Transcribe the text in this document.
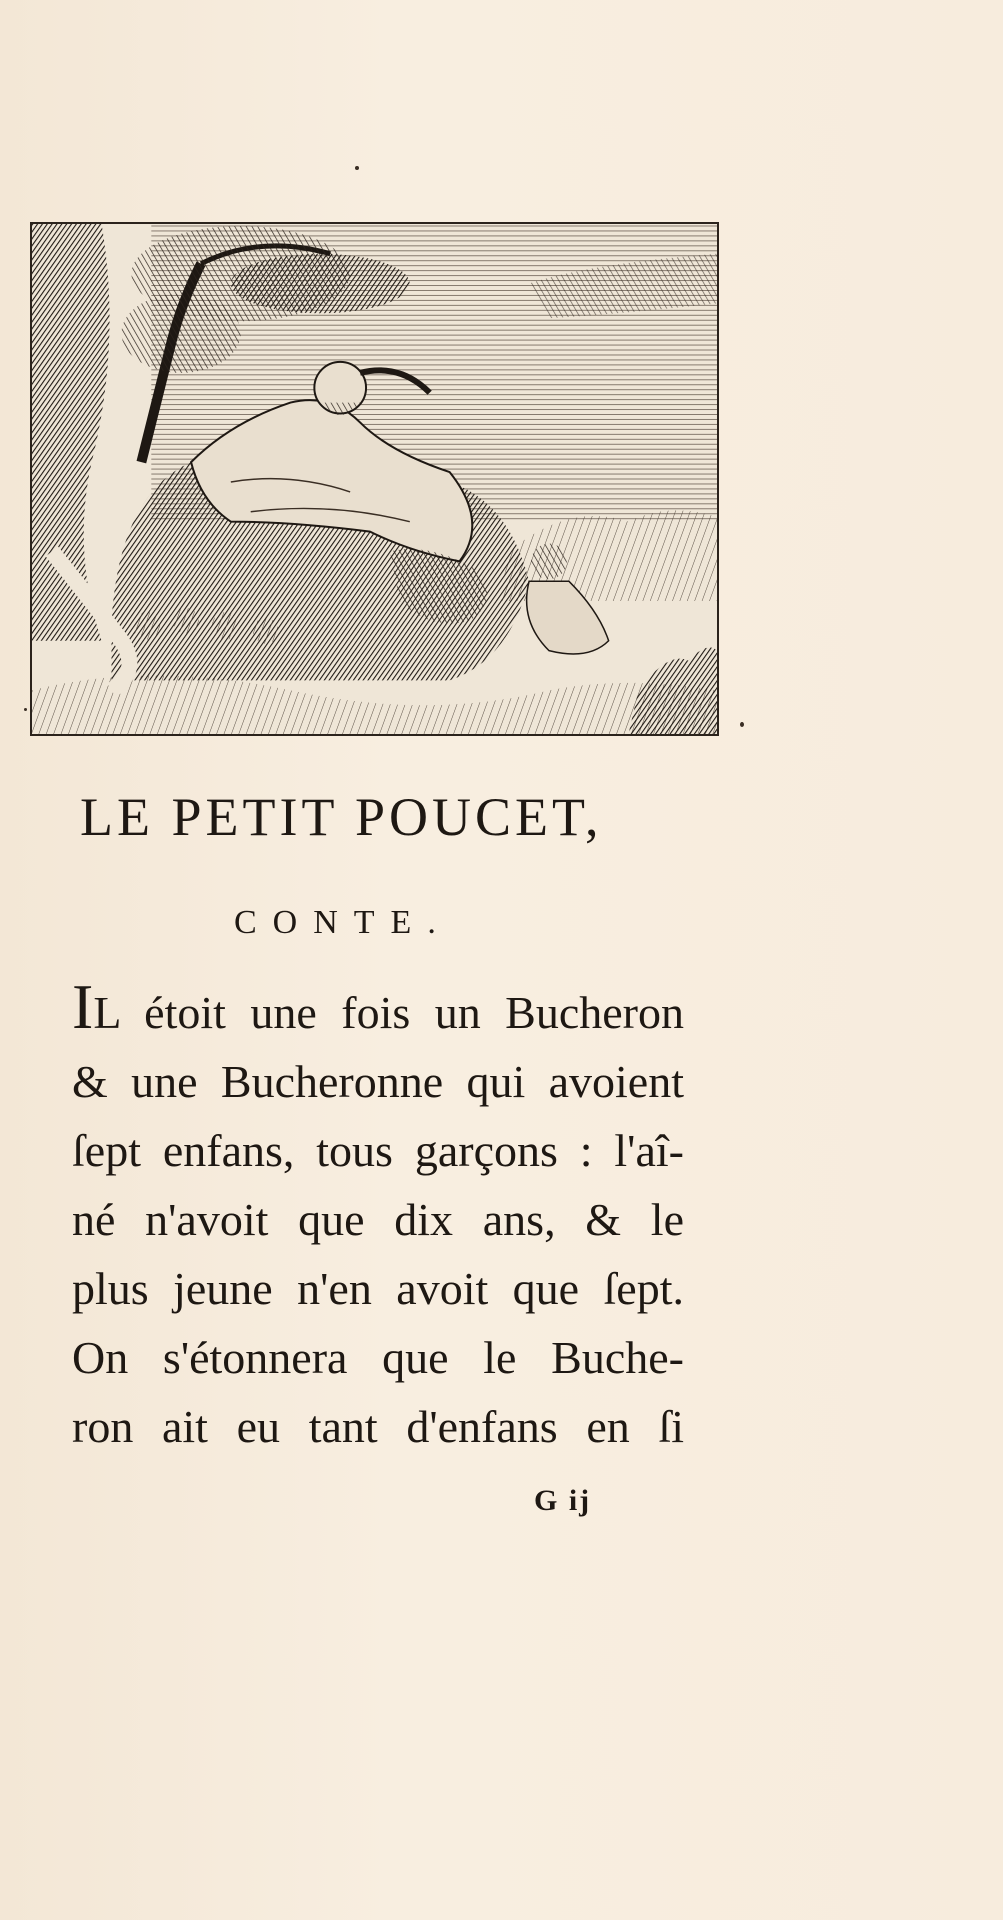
LE PETIT POUCET,
CONTE.
IL étoit une fois un Bucheron
& une Bucheronne qui avoient
ſept enfans, tous garçons : l'aî-
né n'avoit que dix ans, & le
plus jeune n'en avoit que ſept.
On s'étonnera que le Buche-
ron ait eu tant d'enfans en ſi
G ij
